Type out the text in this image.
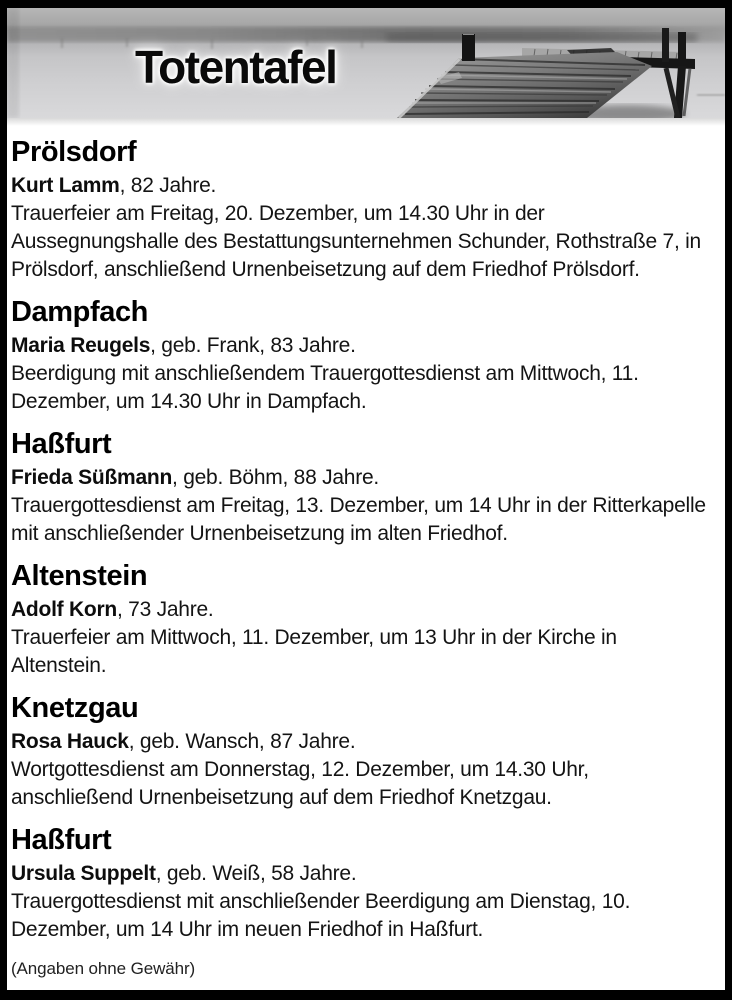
Totentafel
Prölsdorf

Kurt Lamm, 82 Jahre.

Trauerfeier am Freitag, 20. Dezember, um 14.30 Uhr in der Aussegnungshalle des Bestattungsunternehmen Schunder, Rothstraße 7, in Prölsdorf, anschließend Urnenbeisetzung auf dem Friedhof Prölsdorf.

Dampfach

Maria Reugels, geb. Frank, 83 Jahre.

Beerdigung mit anschließendem Trauergottesdienst am Mittwoch, 11. Dezember, um 14.30 Uhr in Dampfach.

Haßfurt

Frieda Süßmann, geb. Böhm, 88 Jahre.

Trauergottesdienst am Freitag, 13. Dezember, um 14 Uhr in der Ritterkapelle mit anschließender Urnenbeisetzung im alten Friedhof.

Altenstein

Adolf Korn, 73 Jahre.

Trauerfeier am Mittwoch, 11. Dezember, um 13 Uhr in der Kirche in Altenstein.

Knetzgau

Rosa Hauck, geb. Wansch, 87 Jahre.

Wortgottesdienst am Donnerstag, 12. Dezember, um 14.30 Uhr, anschließend Urnenbeisetzung auf dem Friedhof Knetzgau.

Haßfurt

Ursula Suppelt, geb. Weiß, 58 Jahre.

Trauergottesdienst mit anschließender Beerdigung am Dienstag, 10. Dezember, um 14 Uhr im neuen Friedhof in Haßfurt.

(Angaben ohne Gewähr)
